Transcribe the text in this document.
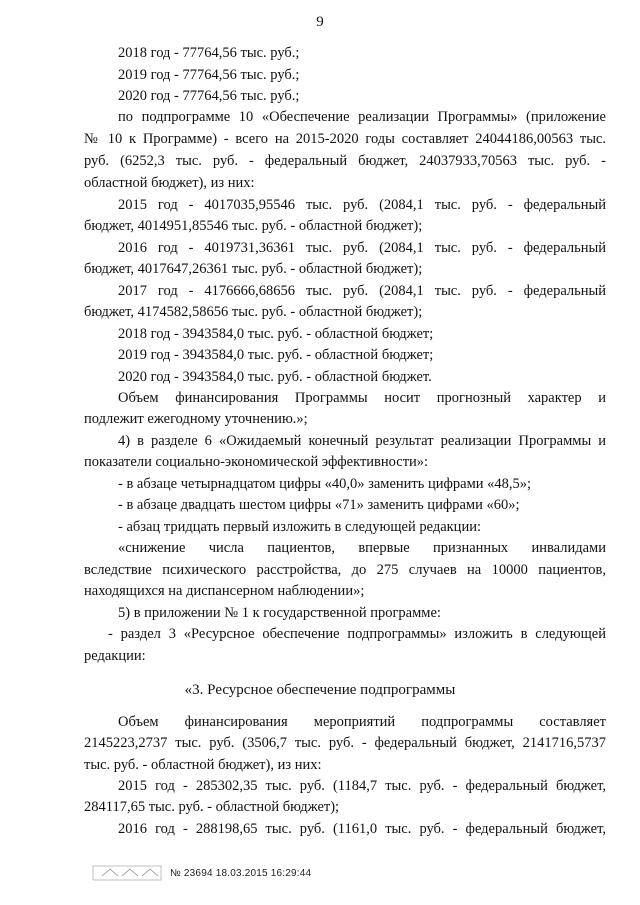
9
2018 год - 77764,56 тыс. руб.;
2019 год - 77764,56 тыс. руб.;
2020 год - 77764,56 тыс. руб.;
по подпрограмме 10 «Обеспечение реализации Программы» (приложение
№ 10 к Программе) - всего на 2015-2020 годы составляет 24044186,00563 тыс.
руб. (6252,3 тыс. руб. - федеральный бюджет, 24037933,70563 тыс. руб. -
областной бюджет), из них:
2015 год - 4017035,95546 тыс. руб. (2084,1 тыс. руб. - федеральный
бюджет, 4014951,85546 тыс. руб. - областной бюджет);
2016 год - 4019731,36361 тыс. руб. (2084,1 тыс. руб. - федеральный
бюджет, 4017647,26361 тыс. руб. - областной бюджет);
2017 год - 4176666,68656 тыс. руб. (2084,1 тыс. руб. - федеральный
бюджет, 4174582,58656 тыс. руб. - областной бюджет);
2018 год - 3943584,0 тыс. руб. - областной бюджет;
2019 год - 3943584,0 тыс. руб. - областной бюджет;
2020 год - 3943584,0 тыс. руб. - областной бюджет.
Объем финансирования Программы носит прогнозный характер и
подлежит ежегодному уточнению.»;
4) в разделе 6 «Ожидаемый конечный результат реализации Программы и
показатели социально-экономической эффективности»:
- в абзаце четырнадцатом цифры «40,0» заменить цифрами «48,5»;
- в абзаце двадцать шестом цифры «71» заменить цифрами «60»;
- абзац тридцать первый изложить в следующей редакции:
«снижение числа пациентов, впервые признанных инвалидами
вследствие психического расстройства, до 275 случаев на 10000 пациентов,
находящихся на диспансерном наблюдении»;
5) в приложении № 1 к государственной программе:
- раздел 3 «Ресурсное обеспечение подпрограммы» изложить в следующей
редакции:
«3. Ресурсное обеспечение подпрограммы
Объем финансирования мероприятий подпрограммы составляет
2145223,2737 тыс. руб. (3506,7 тыс. руб. - федеральный бюджет, 2141716,5737
тыс. руб. - областной бюджет), из них:
2015 год - 285302,35 тыс. руб. (1184,7 тыс. руб. - федеральный бюджет,
284117,65 тыс. руб. - областной бюджет);
2016 год - 288198,65 тыс. руб. (1161,0 тыс. руб. - федеральный бюджет,
№ 23694 18.03.2015 16:29:44
